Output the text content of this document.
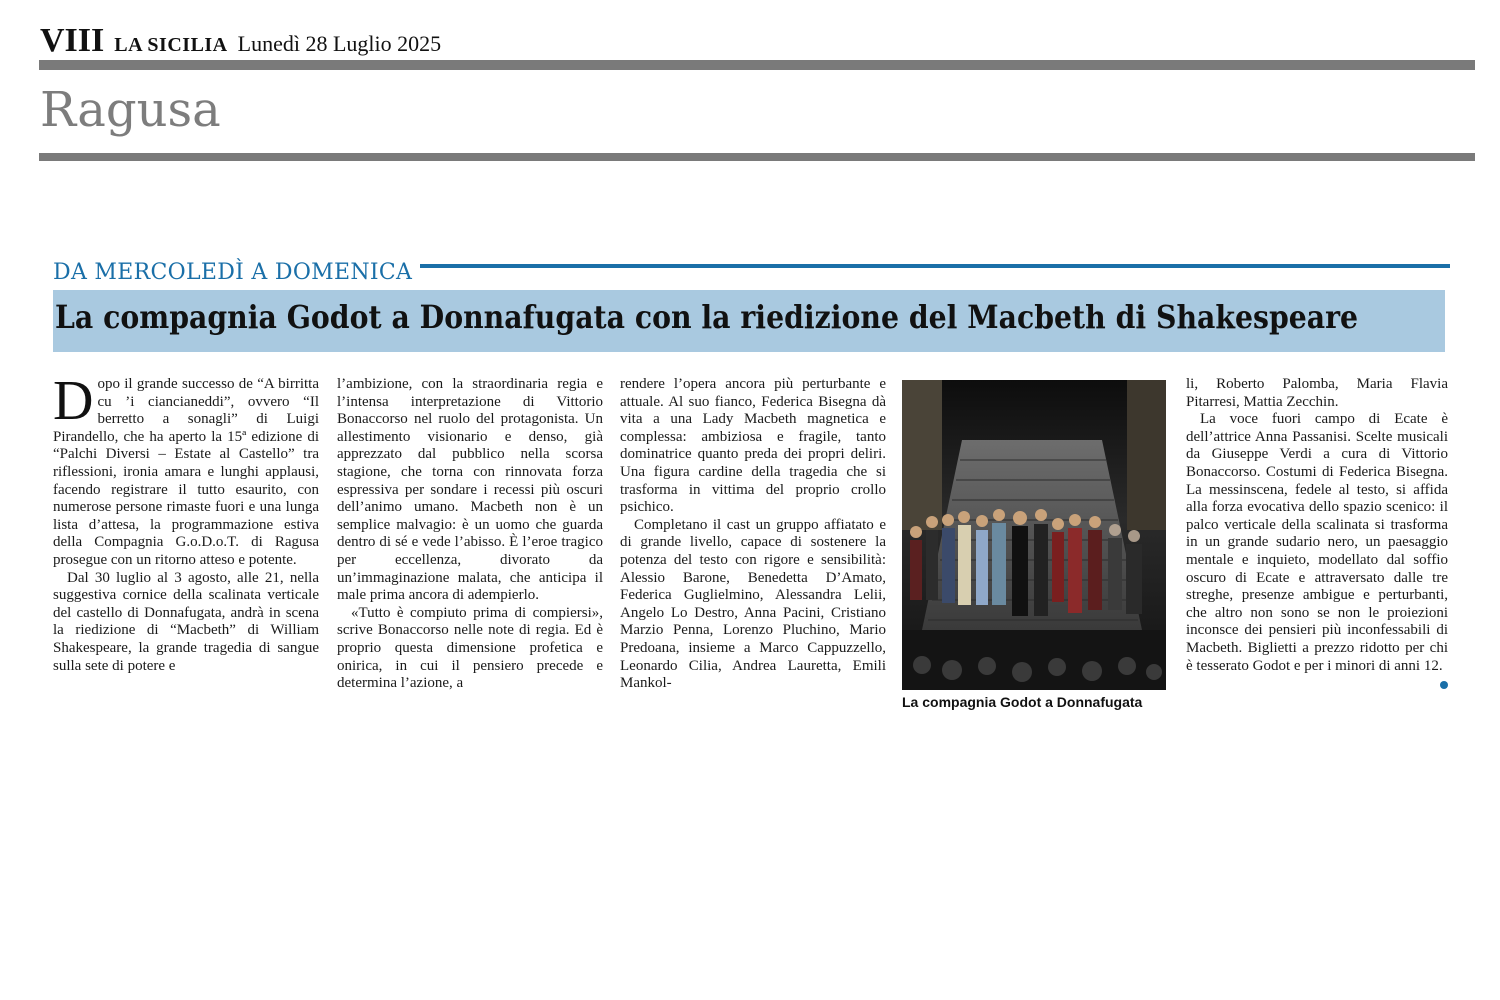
VIII LA SICILIA Lunedì 28 Luglio 2025
Ragusa
DA MERCOLEDÌ A DOMENICA
La compagnia Godot a Donnafugata con la riedizione del Macbeth di Shakespeare

Dopo il grande successo de “A birritta cu ’i ciancianeddi”, ovvero “Il berretto a sonagli” di Luigi Pirandello, che ha aperto la 15ª edizione di “Palchi Diversi – Estate al Castello” tra riflessioni, ironia amara e lunghi applausi, facendo registrare il tutto esaurito, con numerose persone rimaste fuori e una lunga lista d’attesa, la programmazione estiva della Compagnia G.o.D.o.T. di Ragusa prosegue con un ritorno atteso e potente.

Dal 30 luglio al 3 agosto, alle 21, nella suggestiva cornice della scalinata verticale del castello di Donnafugata, andrà in scena la riedizione di “Macbeth” di William Shakespeare, la grande tragedia di sangue sulla sete di potere e

l’ambizione, con la straordinaria regia e l’intensa interpretazione di Vittorio Bonaccorso nel ruolo del protagonista. Un allestimento visionario e denso, già apprezzato dal pubblico nella scorsa stagione, che torna con rinnovata forza espressiva per sondare i recessi più oscuri dell’animo umano. Macbeth non è un semplice malvagio: è un uomo che guarda dentro di sé e vede l’abisso. È l’eroe tragico per eccellenza, divorato da un’immaginazione malata, che anticipa il male prima ancora di adempierlo.

«Tutto è compiuto prima di compiersi», scrive Bonaccorso nelle note di regia. Ed è proprio questa dimensione profetica e onirica, in cui il pensiero precede e determina l’azione, a

rendere l’opera ancora più perturbante e attuale. Al suo fianco, Federica Bisegna dà vita a una Lady Macbeth magnetica e complessa: ambiziosa e fragile, tanto dominatrice quanto preda dei propri deliri. Una figura cardine della tragedia che si trasforma in vittima del proprio crollo psichico.

Completano il cast un gruppo affiatato e di grande livello, capace di sostenere la potenza del testo con rigore e sensibilità: Alessio Barone, Benedetta D’Amato, Federica Guglielmino, Alessandra Lelii, Angelo Lo Destro, Anna Pacini, Cristiano Marzio Penna, Lorenzo Pluchino, Mario Predoana, insieme a Marco Cappuzzello, Leonardo Cilia, Andrea Lauretta, Emili Mankol-

La compagnia Godot a Donnafugata

li, Roberto Palomba, Maria Flavia Pitarresi, Mattia Zecchin.

La voce fuori campo di Ecate è dell’attrice Anna Passanisi. Scelte musicali da Giuseppe Verdi a cura di Vittorio Bonaccorso. Costumi di Federica Bisegna. La messinscena, fedele al testo, si affida alla forza evocativa dello spazio scenico: il palco verticale della scalinata si trasforma in un grande sudario nero, un paesaggio mentale e inquieto, modellato dal soffio oscuro di Ecate e attraversato dalle tre streghe, presenze ambigue e perturbanti, che altro non sono se non le proiezioni inconsce dei pensieri più inconfessabili di Macbeth. Biglietti a prezzo ridotto per chi è tesserato Godot e per i minori di anni 12.
